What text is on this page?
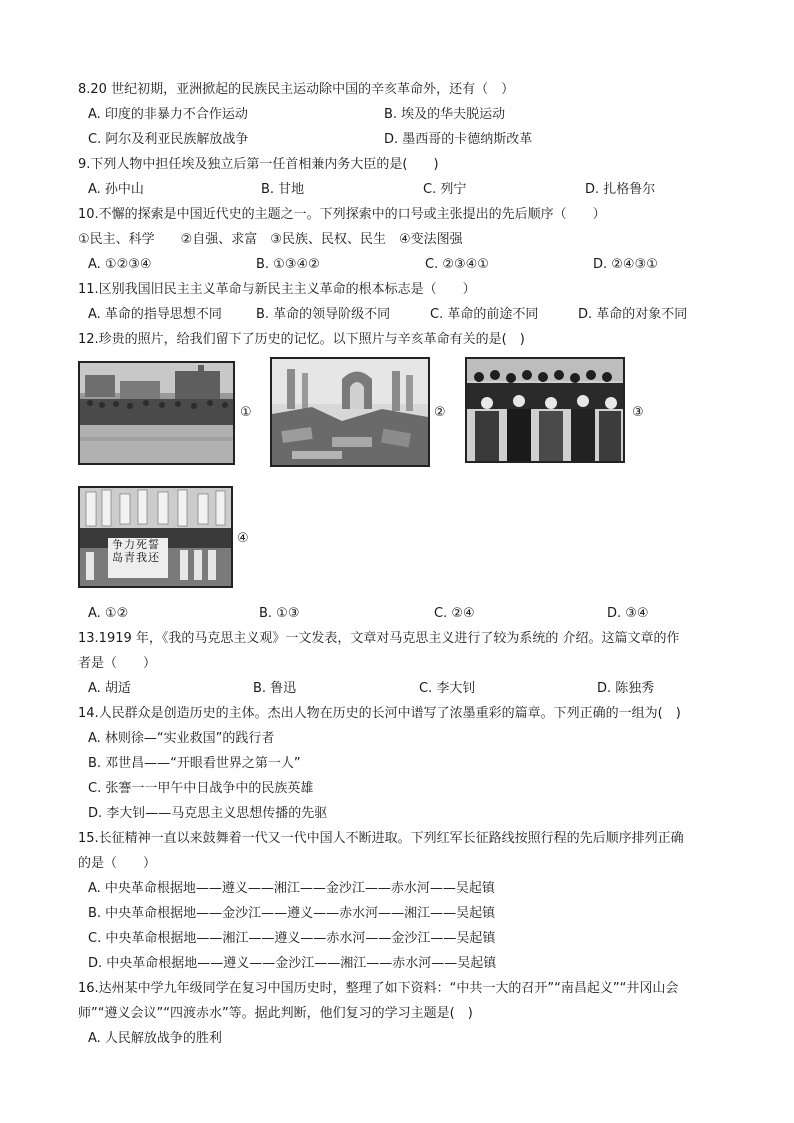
8.20 世纪初期，亚洲掀起的民族民主运动除中国的辛亥革命外，还有（　）
A. 印度的非暴力不合作运动	B. 埃及的华夫脱运动
C. 阿尔及利亚民族解放战争	D. 墨西哥的卡德纳斯改革
9.下列人物中担任埃及独立后第一任首相兼内务大臣的是(　　)
A. 孙中山	B. 甘地	C. 列宁	D. 扎格鲁尔
10.不懈的探索是中国近代史的主题之一。下列探索中的口号或主张提出的先后顺序（　　）
①民主、科学　　②自强、求富　③民族、民权、民生　④变法图强
A. ①②③④	B. ①③④②	C. ②③④①	D. ②④③①
11.区别我国旧民主主义革命与新民主主义革命的根本标志是（　　）
A. 革命的指导思想不同	B. 革命的领导阶级不同	C. 革命的前途不同	D. 革命的对象不同
12.珍贵的照片，给我们留下了历史的记忆。以下照片与辛亥革命有关的是(　)
①	②	③
争力死誓 岛青我还
④
A. ①②	B. ①③	C. ②④	D. ③④
13.1919 年，《我的马克思主义观》一文发表，文章对马克思主义进行了较为系统的 介绍。这篇文章的作
者是（　　）
A. 胡适	B. 鲁迅	C. 李大钊	D. 陈独秀
14.人民群众是创造历史的主体。杰出人物在历史的长河中谱写了浓墨重彩的篇章。下列正确的一组为(　)
A. 林则徐—“实业救国”的践行者
B. 邓世昌——“开眼看世界之第一人”
C. 张謇一一甲午中日战争中的民族英雄
D. 李大钊——马克思主义思想传播的先驱
15.长征精神一直以来鼓舞着一代又一代中国人不断进取。下列红军长征路线按照行程的先后顺序排列正确
的是（　　）
A. 中央革命根据地——遵义——湘江——金沙江——赤水河——吴起镇
B. 中央革命根据地——金沙江——遵义——赤水河——湘江——吴起镇
C. 中央革命根据地——湘江——遵义——赤水河——金沙江——吴起镇
D. 中央革命根据地——遵义——金沙江——湘江——赤水河——吴起镇
16.达州某中学九年级同学在复习中国历史时，整理了如下资料：“中共一大的召开”“南昌起义”“井冈山会
师”“遵义会议”“四渡赤水”等。据此判断，他们复习的学习主题是(　)
A. 人民解放战争的胜利
